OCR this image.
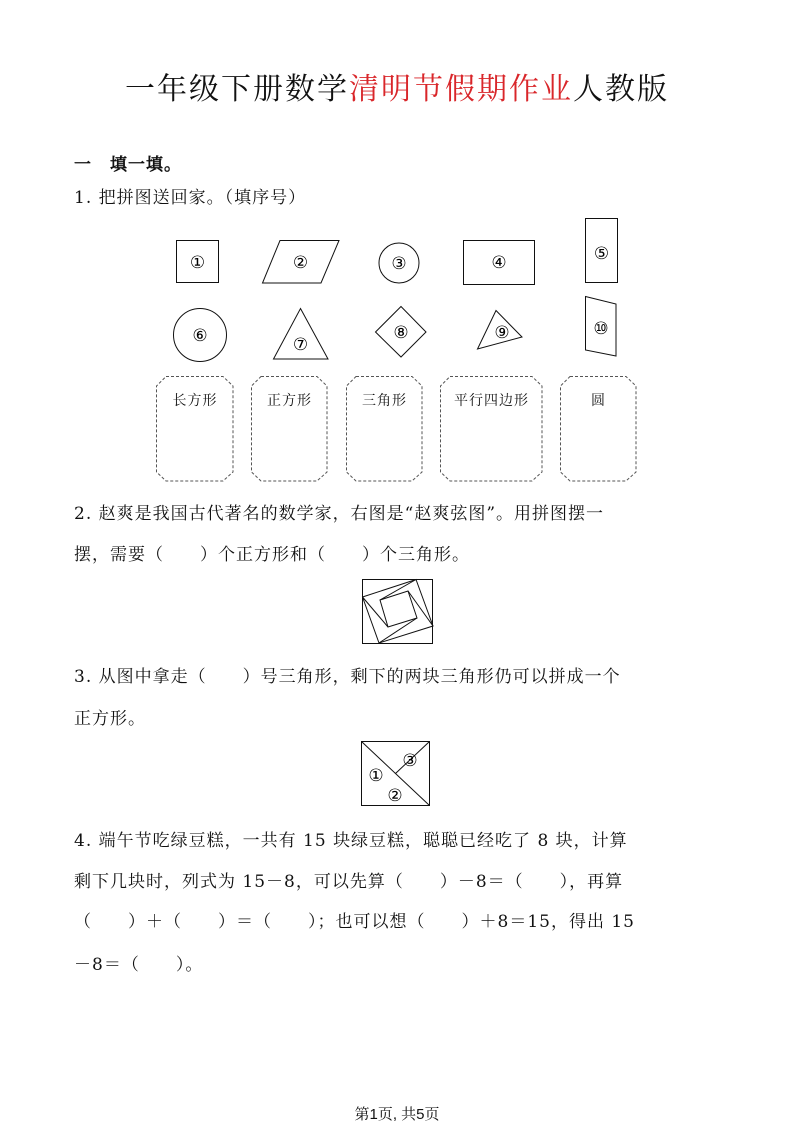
一年级下册数学清明节假期作业人教版
一　填一填。
1. 把拼图送回家。（填序号）
①	②	③	④	⑤
⑥	⑦
⑧	⑨	⑩
长方形	正方形	三角形	平行四边形	圆
2. 赵爽是我国古代著名的数学家，右图是“赵爽弦图”。用拼图摆一
摆，需要（　　）个正方形和（　　）个三角形。
3. 从图中拿走（　　）号三角形，剩下的两块三角形仍可以拼成一个
正方形。
①
②
③
4. 端午节吃绿豆糕，一共有 15 块绿豆糕，聪聪已经吃了 8 块，计算
剩下几块时，列式为 15－8，可以先算（　　）－8＝（　　），再算
（　　）＋（　　）＝（　　）；也可以想（　　）＋8＝15，得出 15
－8＝（　　）。
第1页, 共5页
